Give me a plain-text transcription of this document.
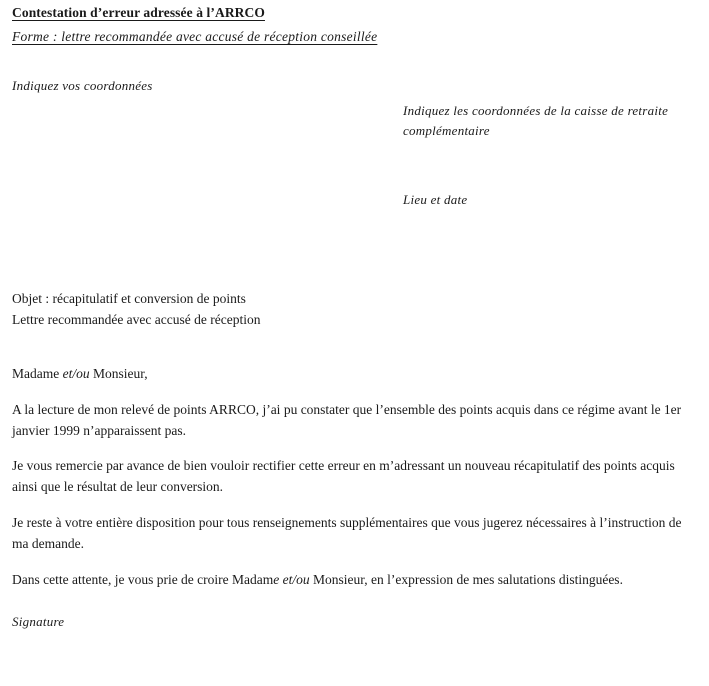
Contestation d’erreur adressée à l’ARRCO
Forme : lettre recommandée avec accusé de réception conseillée
Indiquez vos coordonnées
Indiquez les coordonnées de la caisse de retraite complémentaire
Lieu et date
Objet : récapitulatif et conversion de points
Lettre recommandée avec accusé de réception
Madame et/ou Monsieur,

A la lecture de mon relevé de points ARRCO, j’ai pu constater que l’ensemble des points acquis dans ce régime avant le 1er janvier 1999 n’apparaissent pas.

Je vous remercie par avance de bien vouloir rectifier cette erreur en m’adressant un nouveau récapitulatif des points acquis ainsi que le résultat de leur conversion.

Je reste à votre entière disposition pour tous renseignements supplémentaires que vous jugerez nécessaires à l’instruction de ma demande.

Dans cette attente, je vous prie de croire Madame et/ou Monsieur, en l’expression de mes salutations distinguées.

Signature
